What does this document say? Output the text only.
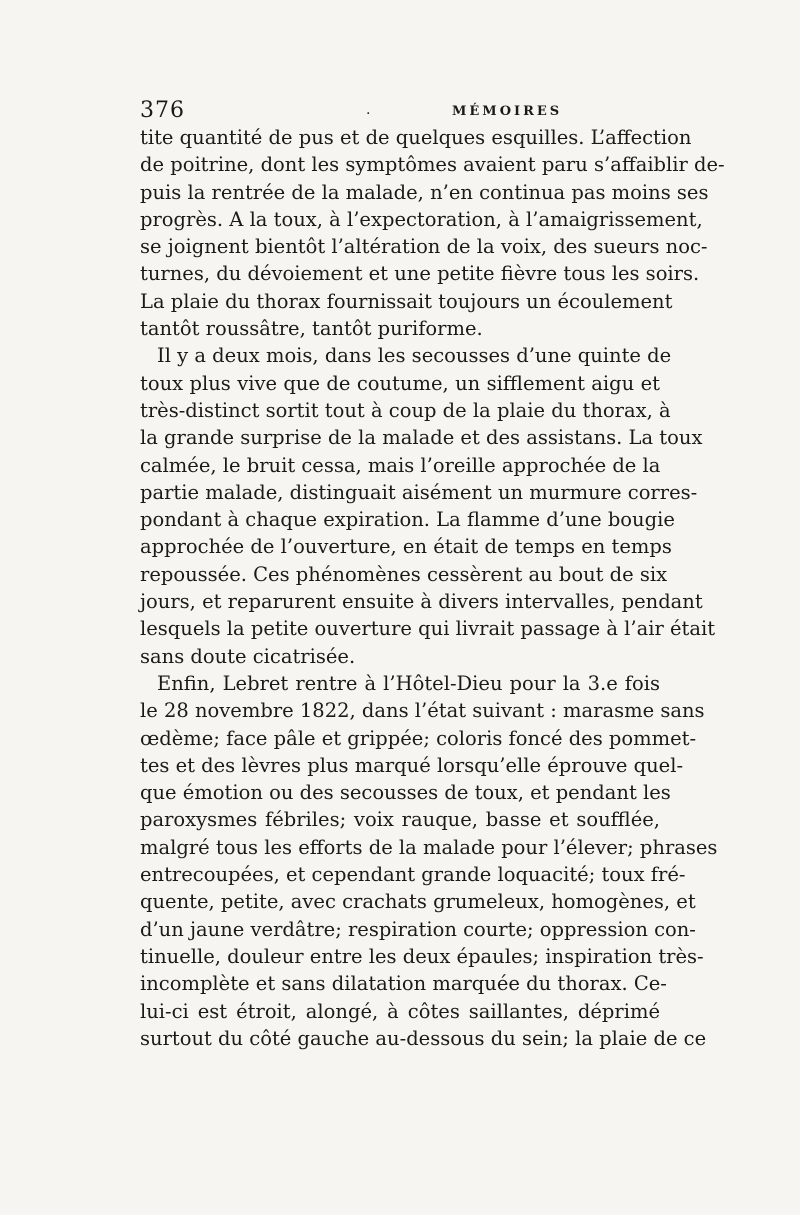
376	.	MÉMOIRES
tite quantité de pus et de quelques esquilles. L’affection
de poitrine, dont les symptômes avaient paru s’affaiblir de-
puis la rentrée de la malade, n’en continua pas moins ses
progrès. A la toux, à l’expectoration, à l’amaigrissement,
se joignent bientôt l’altération de la voix, des sueurs noc-
turnes, du dévoiement et une petite fièvre tous les soirs.
La plaie du thorax fournissait toujours un écoulement
tantôt roussâtre, tantôt puriforme.
Il y a deux mois, dans les secousses d’une quinte de
toux plus vive que de coutume, un sifflement aigu et
très-distinct sortit tout à coup de la plaie du thorax, à
la grande surprise de la malade et des assistans. La toux
calmée, le bruit cessa, mais l’oreille approchée de la
partie malade, distinguait aisément un murmure corres-
pondant à chaque expiration. La flamme d’une bougie
approchée de l’ouverture, en était de temps en temps
repoussée. Ces phénomènes cessèrent au bout de six
jours, et reparurent ensuite à divers intervalles, pendant
lesquels la petite ouverture qui livrait passage à l’air était
sans doute cicatrisée.
Enfin, Lebret rentre à l’Hôtel-Dieu pour la 3.e fois
le 28 novembre 1822, dans l’état suivant : marasme sans
œdème; face pâle et grippée; coloris foncé des pommet-
tes et des lèvres plus marqué lorsqu’elle éprouve quel-
que émotion ou des secousses de toux, et pendant les
paroxysmes fébriles; voix rauque, basse et soufflée,
malgré tous les efforts de la malade pour l’élever; phrases
entrecoupées, et cependant grande loquacité; toux fré-
quente, petite, avec crachats grumeleux, homogènes, et
d’un jaune verdâtre; respiration courte; oppression con-
tinuelle, douleur entre les deux épaules; inspiration très-
incomplète et sans dilatation marquée du thorax. Ce-
lui-ci est étroit, alongé, à côtes saillantes, déprimé
surtout du côté gauche au-dessous du sein; la plaie de ce
